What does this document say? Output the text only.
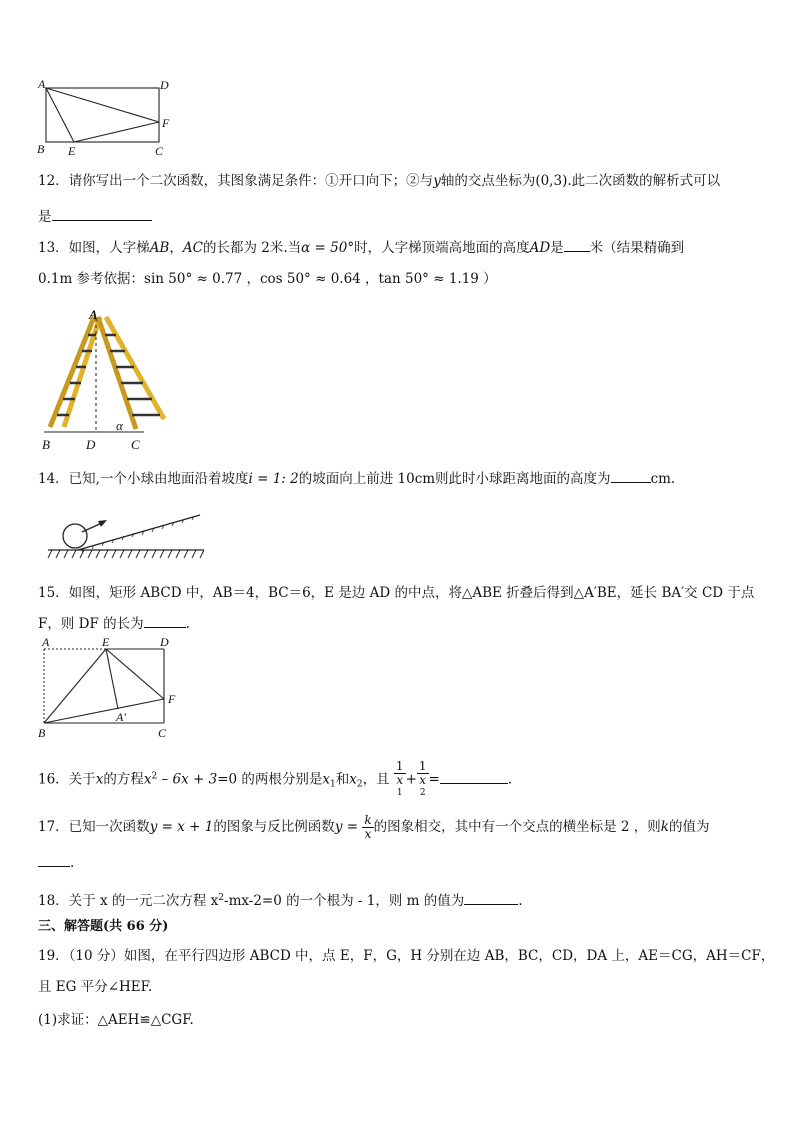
A	D
B E	C
F
12．请你写出一个二次函数，其图象满足条件：①开口向下；②与y轴的交点坐标为(0,3).此二次函数的解析式可以
是
13．如图，人字梯AB，AC的长都为 2米.当α = 50°时，人字梯顶端高地面的高度AD是 米（结果精确到
0.1m 参考依据：sin 50° ≈ 0.77 ，cos 50° ≈ 0.64 ，tan 50° ≈ 1.19 ）
A
B	D	C
α
14．已知,一个小球由地面沿着坡度i = 1: 2的坡面向上前进 10cm则此时小球距离地面的高度为	cm.
15．如图，矩形 ABCD 中，AB＝4，BC＝6，E 是边 AD 的中点，将△ABE 折叠后得到△A′BE，延长 BA′交 CD 于点
F，则 DF 的长为	.
A	E	D
F
A′
B	C
16．关于x的方程$x^2 - 6x + 3=0$ 的两根分别是$x_1$和$x_2$，且 1
x
1 + 1
x
2 =	.
17．已知一次函数y = x + 1的图象与反比例函数$y = \frac{k}{x}$ 的图象相交，其中有一个交点的横坐标是 2 ，则k的值为
.
18．关于 x 的一元二次方程 $x^2-mx-2=0$ 的一个根为 - 1，则 m 的值为	.
三、解答题(共 66 分)
19．（10 分）如图，在平行四边形 ABCD 中，点 E，F，G，H 分别在边 AB，BC，CD，DA 上，AE＝CG，AH＝CF，
且 EG 平分∠HEF.
(1)求证：△AEH≌△CGF.
